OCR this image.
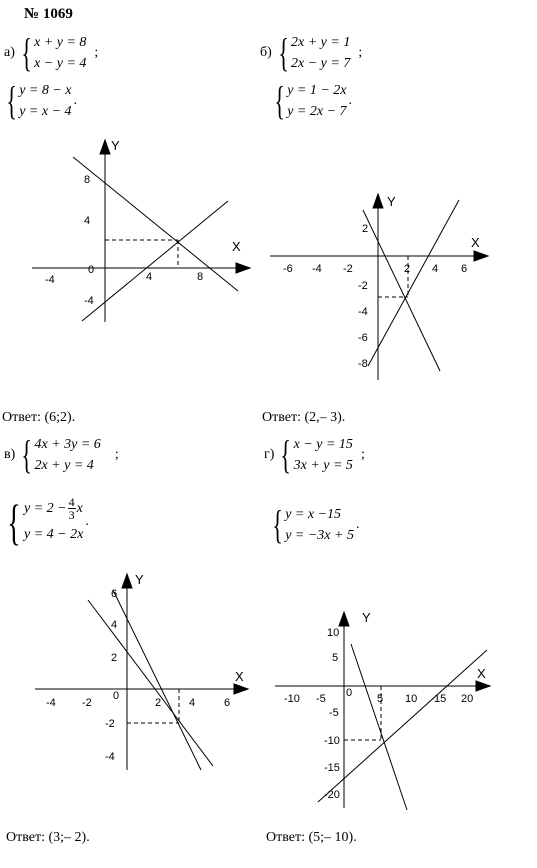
№ 1069
а) { x + y = 8
x − y = 4
;
{ y = 8 − x
y = x − 4
.
-4
0
4	8
8
4
-4
X
Y
-6 -4 -2	2 4 6
2
-2
-4
-6
-8
X
Y
-4 -2
0
2	4	6
6
4
2
-2
-4
X
Y
-10 -5 0 5 10 15 20
10
5
-5
-10
-15
-20
X
Y
б) { 2x + y = 1
2x − y = 7
;
{ y = 1 − 2x
y = 2x − 7
.
Ответ: (6;2).	Ответ: (2,– 3).
в) { 4x + 3y = 6
2x + y = 4
;
{ $y = 2 - \frac{4}{3}$ x
y = 4 − 2x
.
г) { x − y = 15
3x + y = 5
;
{ y = x −15
y = −3x + 5
.
Ответ: (3;– 2).	Ответ: (5;– 10).
